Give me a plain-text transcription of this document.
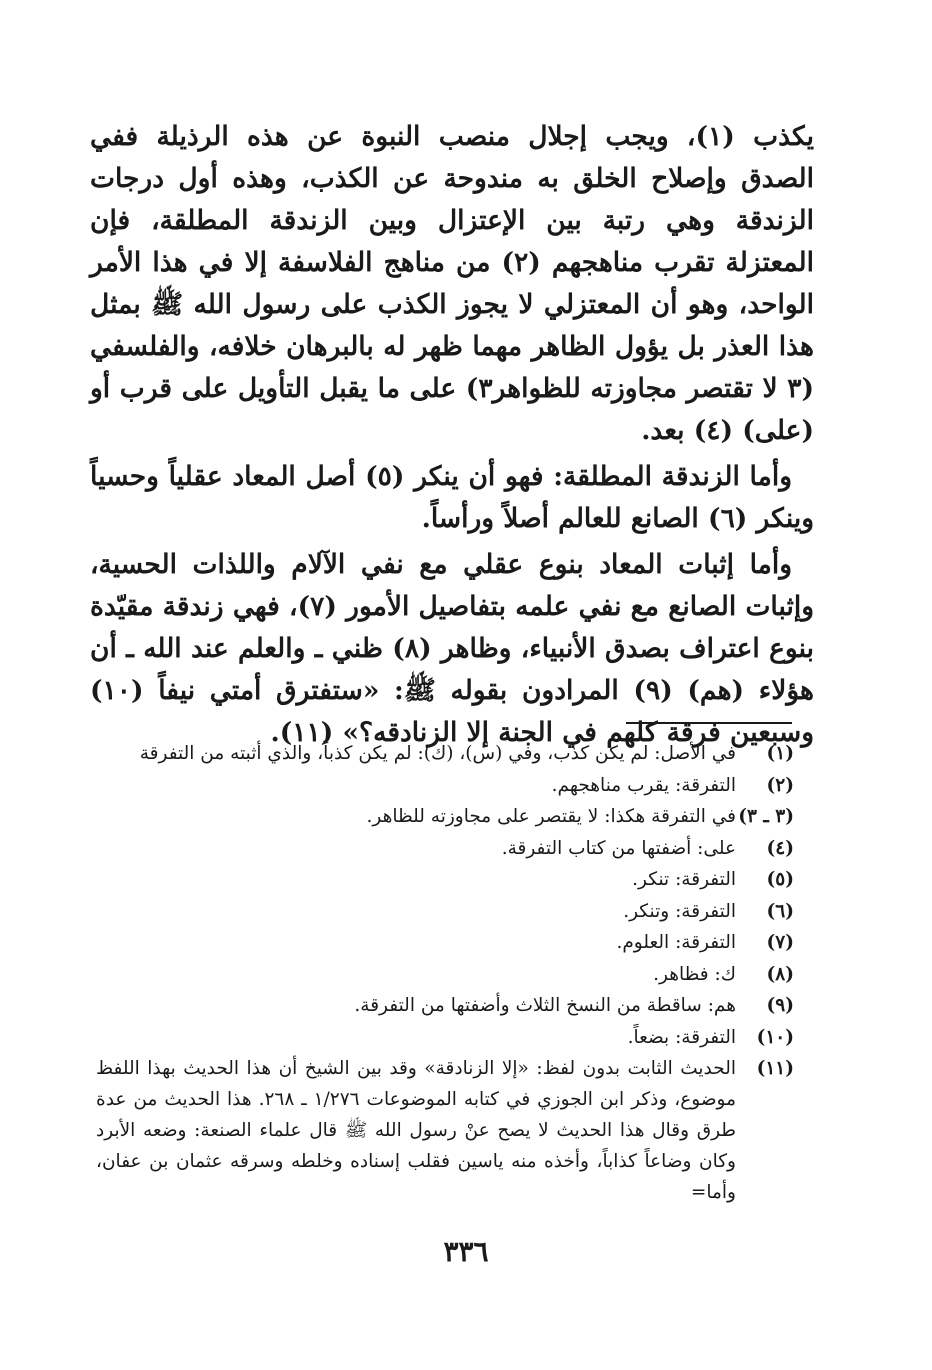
يكذب (١)، ويجب إجلال منصب النبوة عن هذه الرذيلة ففي الصدق وإصلاح الخلق به مندوحة عن الكذب، وهذه أول درجات الزندقة وهي رتبة بين الإعتزال وبين الزندقة المطلقة، فإن المعتزلة تقرب مناهجهم (٢) من مناهج الفلاسفة إلا في هذا الأمر الواحد، وهو أن المعتزلي لا يجوز الكذب على رسول الله ﷺ بمثل هذا العذر بل يؤول الظاهر مهما ظهر له بالبرهان خلافه، والفلسفي (٣ لا تقتصر مجاوزته للظواهر٣) على ما يقبل التأويل على قرب أو (على) (٤) بعد.

وأما الزندقة المطلقة: فهو أن ينكر (٥) أصل المعاد عقلياً وحسياً وينكر (٦) الصانع للعالم أصلاً ورأساً.

وأما إثبات المعاد بنوع عقلي مع نفي الآلام واللذات الحسية، وإثبات الصانع مع نفي علمه بتفاصيل الأمور (٧)، فهي زندقة مقيّدة بنوع اعتراف بصدق الأنبياء، وظاهر (٨) ظني ـ والعلم عند الله ـ أن هؤلاء (هم) (٩) المرادون بقوله ﷺ: «ستفترق أمتي نيفاً (١٠) وسبعين فرقة كلهم في الجنة إلا الزنادقه؟» (١١).

(١)
في الأصل: لم يكن كذب، وفي (س)، (ك): لم يكن كذباً، والذي أثبته من التفرقة
(٢)
التفرقة: يقرب مناهجهم.
(٣ ـ ٣)
في التفرقة هكذا: لا يقتصر على مجاوزته للظاهر.
(٤)
على: أضفتها من كتاب التفرقة.
(٥)
التفرقة: تنكر.
(٦)
التفرقة: وتنكر.
(٧)
التفرقة: العلوم.
(٨)
ك: فظاهر.
(٩)
هم: ساقطة من النسخ الثلاث وأضفتها من التفرقة.
(١٠)
التفرقة: بضعاً.
(١١)
الحديث الثابت بدون لفظ: «إلا الزنادقة» وقد بين الشيخ أن هذا الحديث بهذا اللفظ موضوع، وذكر ابن الجوزي في كتابه الموضوعات ١/٢٧٦ ـ ٢٦٨. هذا الحديث من عدة طرق وقال هذا الحديث لا يصح عنْ رسول الله ﷺ قال علماء الصنعة: وضعه الأبرد وكان وضاعاً كذاباً، وأخذه منه ياسين فقلب إسناده وخلطه وسرقه عثمان بن عفان، وأما=
٣٣٦
